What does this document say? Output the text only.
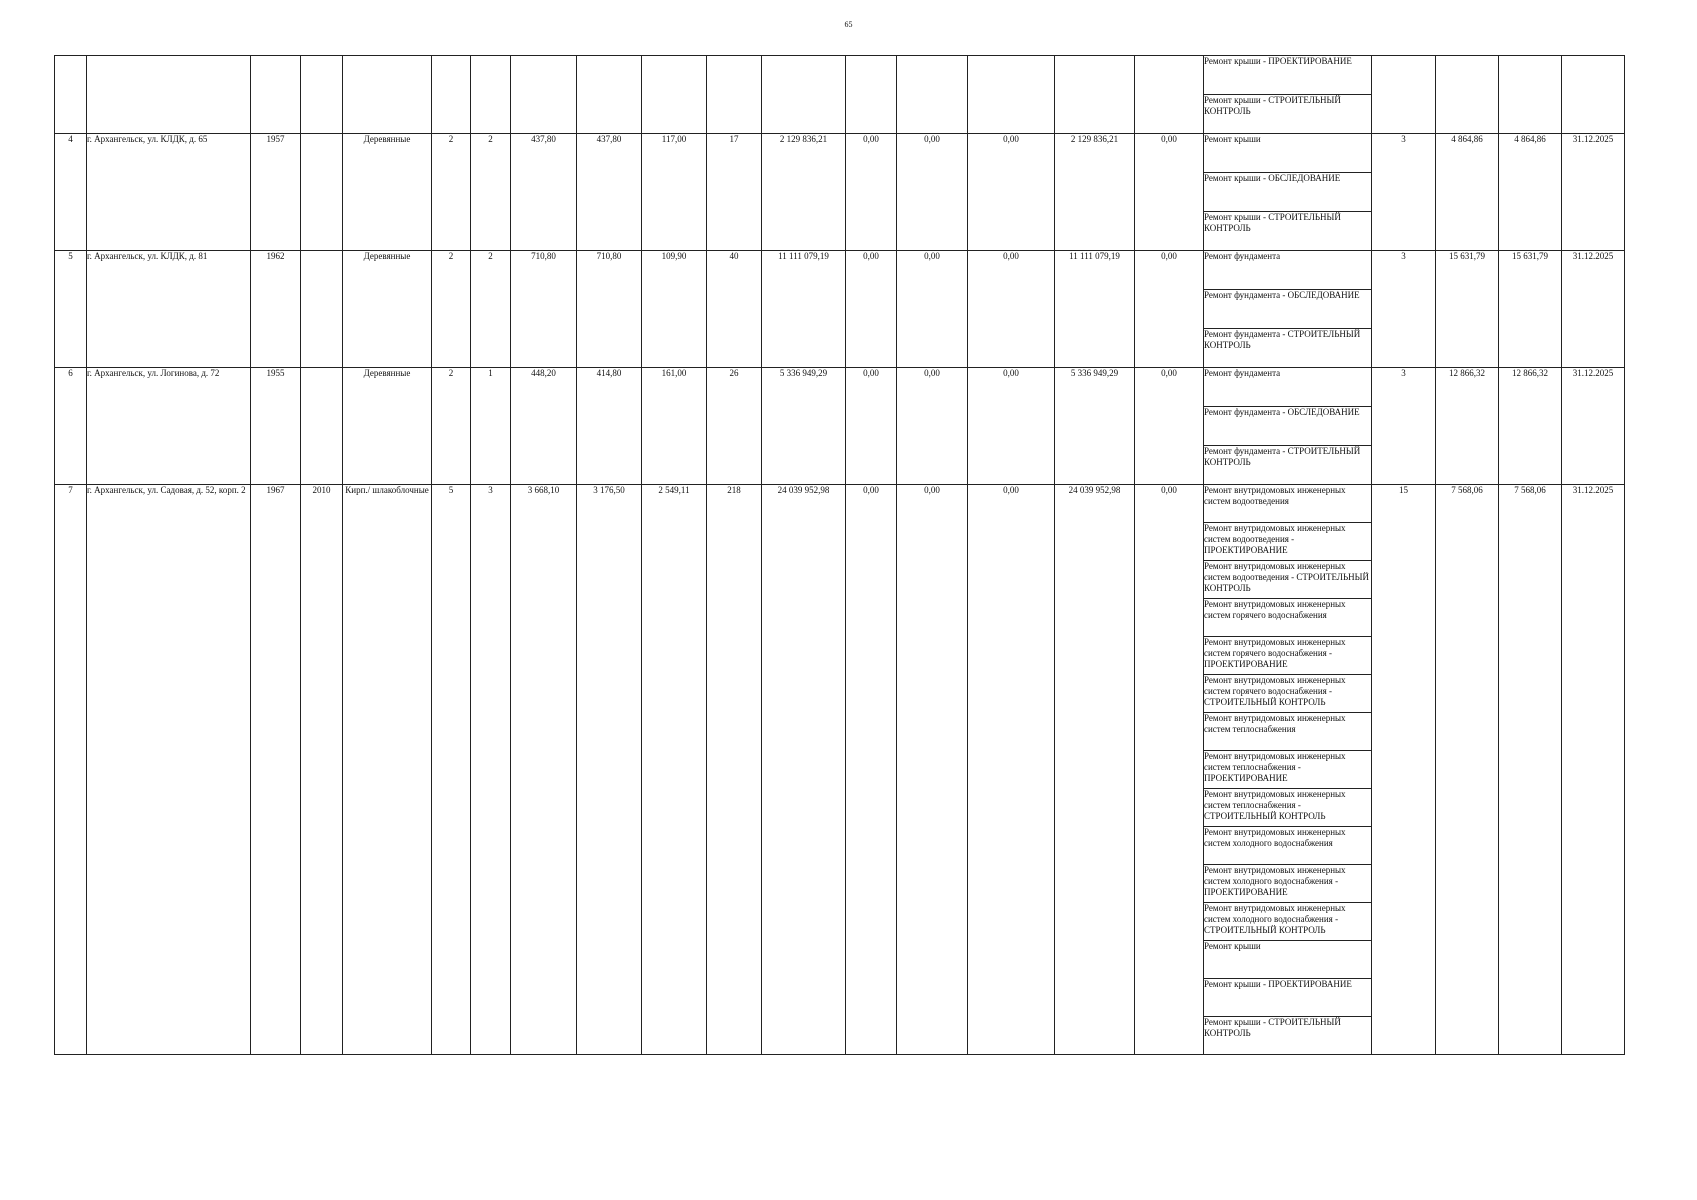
65
																	Ремонт крыши - ПРОЕКТИРОВАНИЕ				
																	Ремонт крыши - СТРОИТЕЛЬНЫЙ КОНТРОЛЬ				
4	г. Архангельск, ул. КЛДК, д. 65	1957		Деревянные	2	2	437,80	437,80	117,00	17	2 129 836,21	0,00	0,00	0,00	2 129 836,21	0,00	Ремонт крыши	3	4 864,86	4 864,86	31.12.2025
																	Ремонт крыши - ОБСЛЕДОВАНИЕ				
																	Ремонт крыши - СТРОИТЕЛЬНЫЙ КОНТРОЛЬ				
5	г. Архангельск, ул. КЛДК, д. 81	1962		Деревянные	2	2	710,80	710,80	109,90	40	11 111 079,19	0,00	0,00	0,00	11 111 079,19	0,00	Ремонт фундамента	3	15 631,79	15 631,79	31.12.2025
																	Ремонт фундамента - ОБСЛЕДОВАНИЕ				
																	Ремонт фундамента - СТРОИТЕЛЬНЫЙ КОНТРОЛЬ				
6	г. Архангельск, ул. Логинова, д. 72	1955		Деревянные	2	1	448,20	414,80	161,00	26	5 336 949,29	0,00	0,00	0,00	5 336 949,29	0,00	Ремонт фундамента	3	12 866,32	12 866,32	31.12.2025
																	Ремонт фундамента - ОБСЛЕДОВАНИЕ				
																	Ремонт фундамента - СТРОИТЕЛЬНЫЙ КОНТРОЛЬ				
7	г. Архангельск, ул. Садовая, д. 52, корп. 2	1967	2010	Кирп./ шлакоблочные	5	3	3 668,10	3 176,50	2 549,11	218	24 039 952,98	0,00	0,00	0,00	24 039 952,98	0,00	Ремонт внутридомовых инженерных систем водоотведения	15	7 568,06	7 568,06	31.12.2025
																	Ремонт внутридомовых инженерных систем водоотведения - ПРОЕКТИРОВАНИЕ				
																	Ремонт внутридомовых инженерных систем водоотведения - СТРОИТЕЛЬНЫЙ КОНТРОЛЬ				
																	Ремонт внутридомовых инженерных систем горячего водоснабжения				
																	Ремонт внутридомовых инженерных систем горячего водоснабжения - ПРОЕКТИРОВАНИЕ				
																	Ремонт внутридомовых инженерных систем горячего водоснабжения - СТРОИТЕЛЬНЫЙ КОНТРОЛЬ				
																	Ремонт внутридомовых инженерных систем теплоснабжения				
																	Ремонт внутридомовых инженерных систем теплоснабжения - ПРОЕКТИРОВАНИЕ				
																	Ремонт внутридомовых инженерных систем теплоснабжения - СТРОИТЕЛЬНЫЙ КОНТРОЛЬ				
																	Ремонт внутридомовых инженерных систем холодного водоснабжения				
																	Ремонт внутридомовых инженерных систем холодного водоснабжения - ПРОЕКТИРОВАНИЕ				
																	Ремонт внутридомовых инженерных систем холодного водоснабжения - СТРОИТЕЛЬНЫЙ КОНТРОЛЬ				
																	Ремонт крыши				
																	Ремонт крыши - ПРОЕКТИРОВАНИЕ				
																	Ремонт крыши - СТРОИТЕЛЬНЫЙ КОНТРОЛЬ				
